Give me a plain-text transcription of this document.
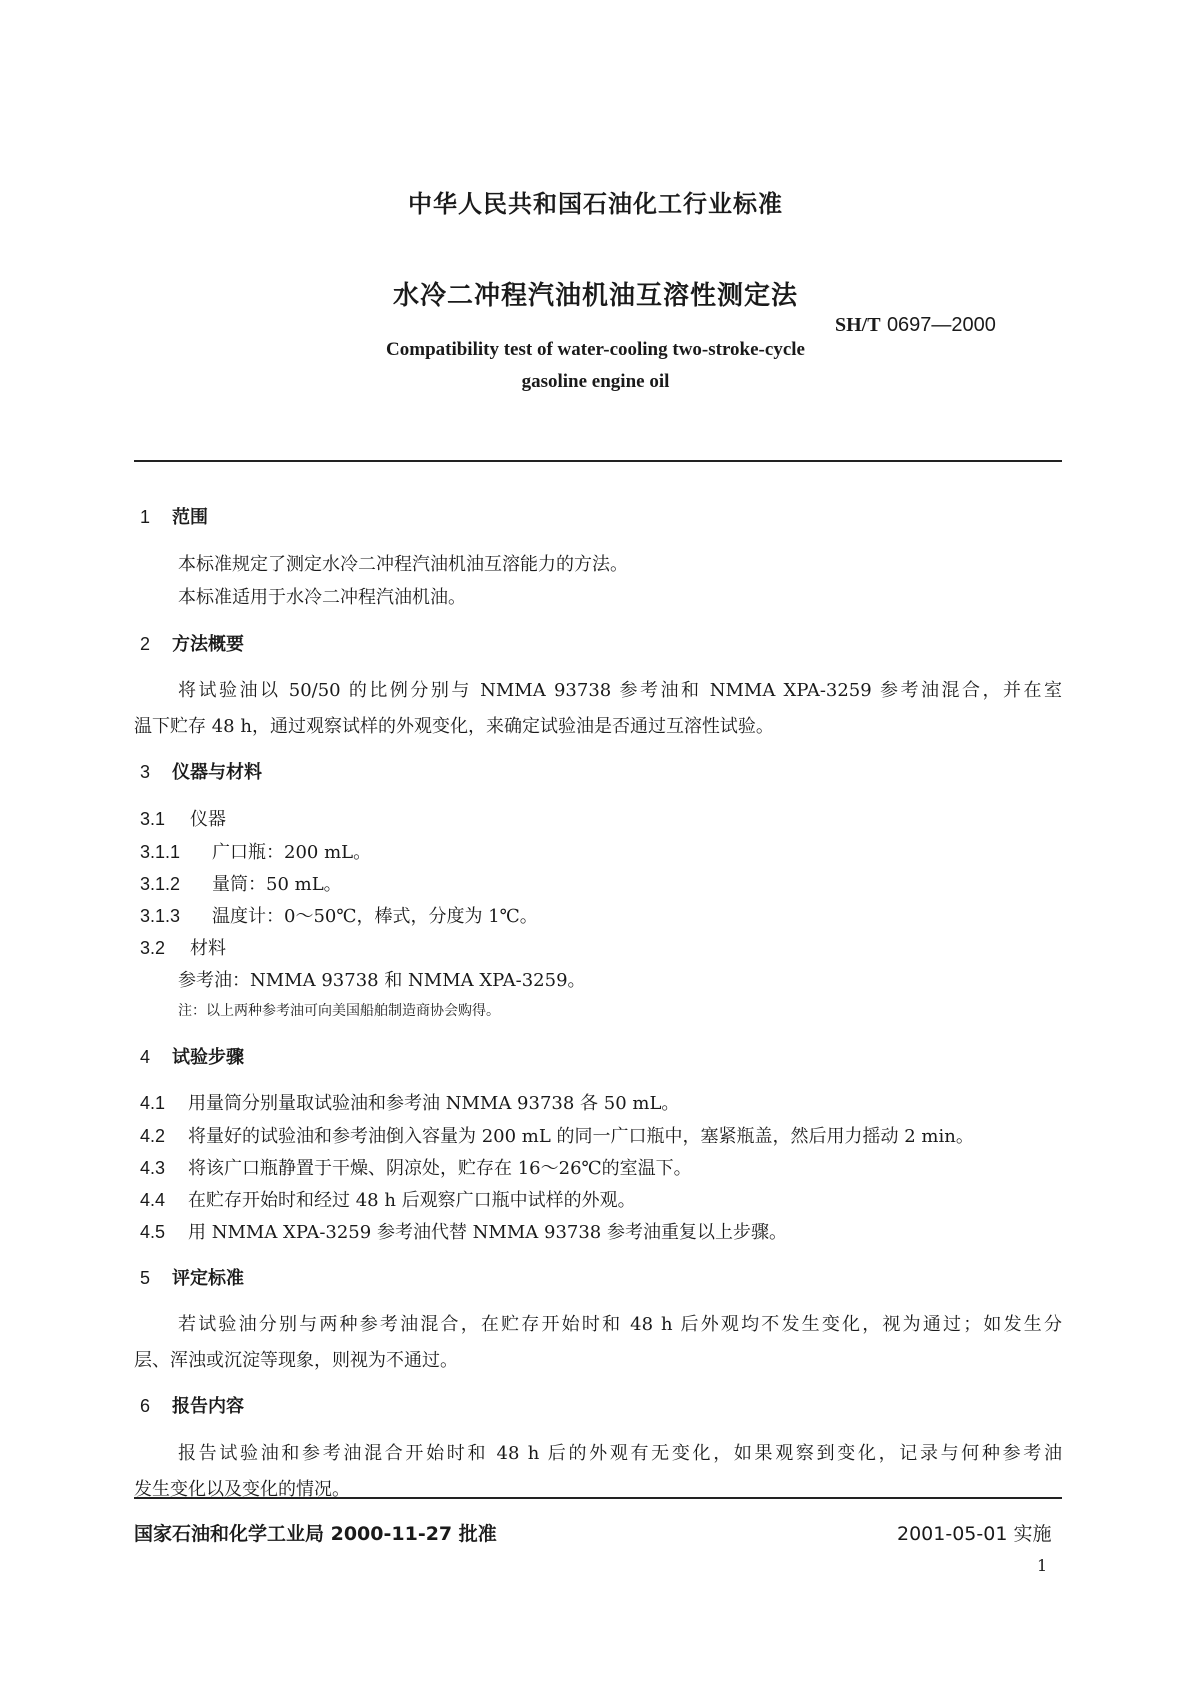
中华人民共和国石油化工行业标准
水冷二冲程汽油机油互溶性测定法
SH/T 0697—2000
Compatibility test of water-cooling two-stroke-cycle
gasoline engine oil
1 范围
本标准规定了测定水冷二冲程汽油机油互溶能力的方法。
本标准适用于水冷二冲程汽油机油。
2 方法概要
将试验油以 50/50 的比例分别与 NMMA 93738 参考油和 NMMA XPA-3259 参考油混合，并在室
温下贮存 48 h，通过观察试样的外观变化，来确定试验油是否通过互溶性试验。
3 仪器与材料
3.1 仪器
3.1.1 广口瓶：200 mL。
3.1.2 量筒：50 mL。
3.1.3 温度计：0～50℃，棒式，分度为 1℃。
3.2 材料
参考油：NMMA 93738 和 NMMA XPA-3259。
注：以上两种参考油可向美国船舶制造商协会购得。
4 试验步骤
4.1 用量筒分别量取试验油和参考油 NMMA 93738 各 50 mL。
4.2 将量好的试验油和参考油倒入容量为 200 mL 的同一广口瓶中，塞紧瓶盖，然后用力摇动 2 min。
4.3 将该广口瓶静置于干燥、阴凉处，贮存在 16～26℃的室温下。
4.4 在贮存开始时和经过 48 h 后观察广口瓶中试样的外观。
4.5 用 NMMA XPA-3259 参考油代替 NMMA 93738 参考油重复以上步骤。
5 评定标准
若试验油分别与两种参考油混合，在贮存开始时和 48 h 后外观均不发生变化，视为通过；如发生分
层、浑浊或沉淀等现象，则视为不通过。
6 报告内容
报告试验油和参考油混合开始时和 48 h 后的外观有无变化，如果观察到变化，记录与何种参考油
发生变化以及变化的情况。
国家石油和化学工业局 2000-11-27 批准	2001-05-01 实施
1
